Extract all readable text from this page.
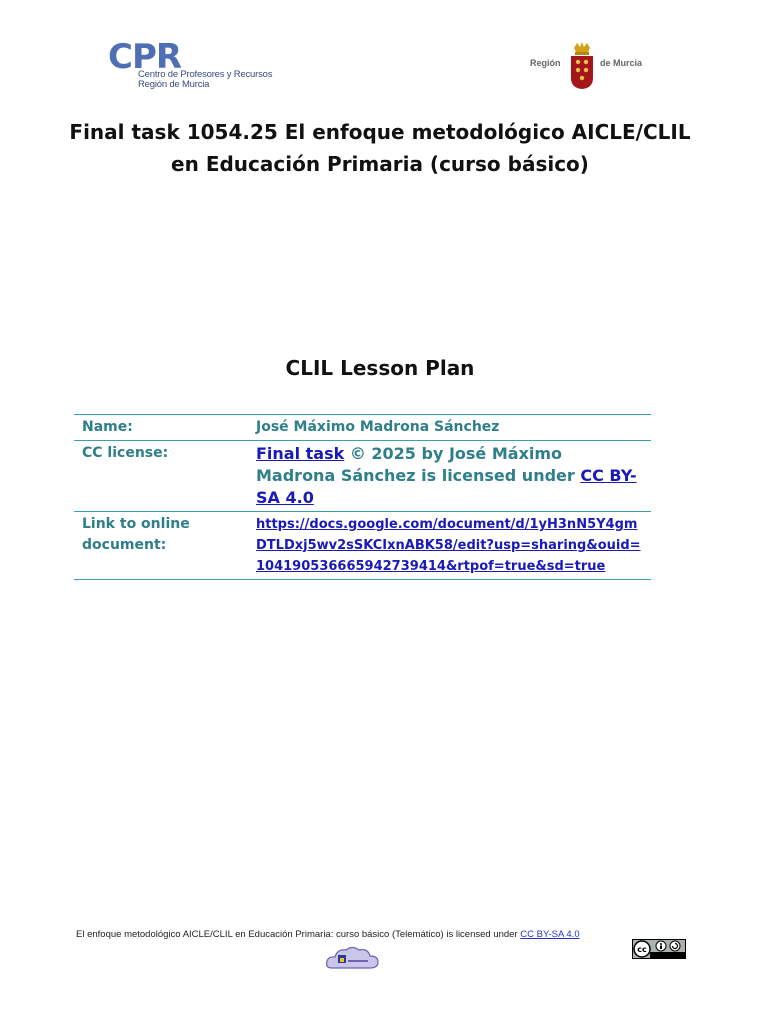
CPR
Centro de Profesores y Recursos
Región de Murcia
Región	de Murcia
Final task 1054.25 El enfoque metodológico AICLE/CLIL
en Educación Primaria (curso básico)
CLIL Lesson Plan
Name:	José Máximo Madrona Sánchez
CC license:	Final task © 2025 by José Máximo Madrona Sánchez is licensed under CC BY-SA 4.0
Link to online document:	https://docs.google.com/document/d/1yH3nN5Y4gmDTLDxj5wv2sSKCIxnABK58/edit?usp=sharing&ouid=104190536665942739414&rtpof=true&sd=true
El enfoque metodológico AICLE/CLIL en Educación Primaria: curso básico (Telemático) is licensed under CC BY-SA 4.0
cc
